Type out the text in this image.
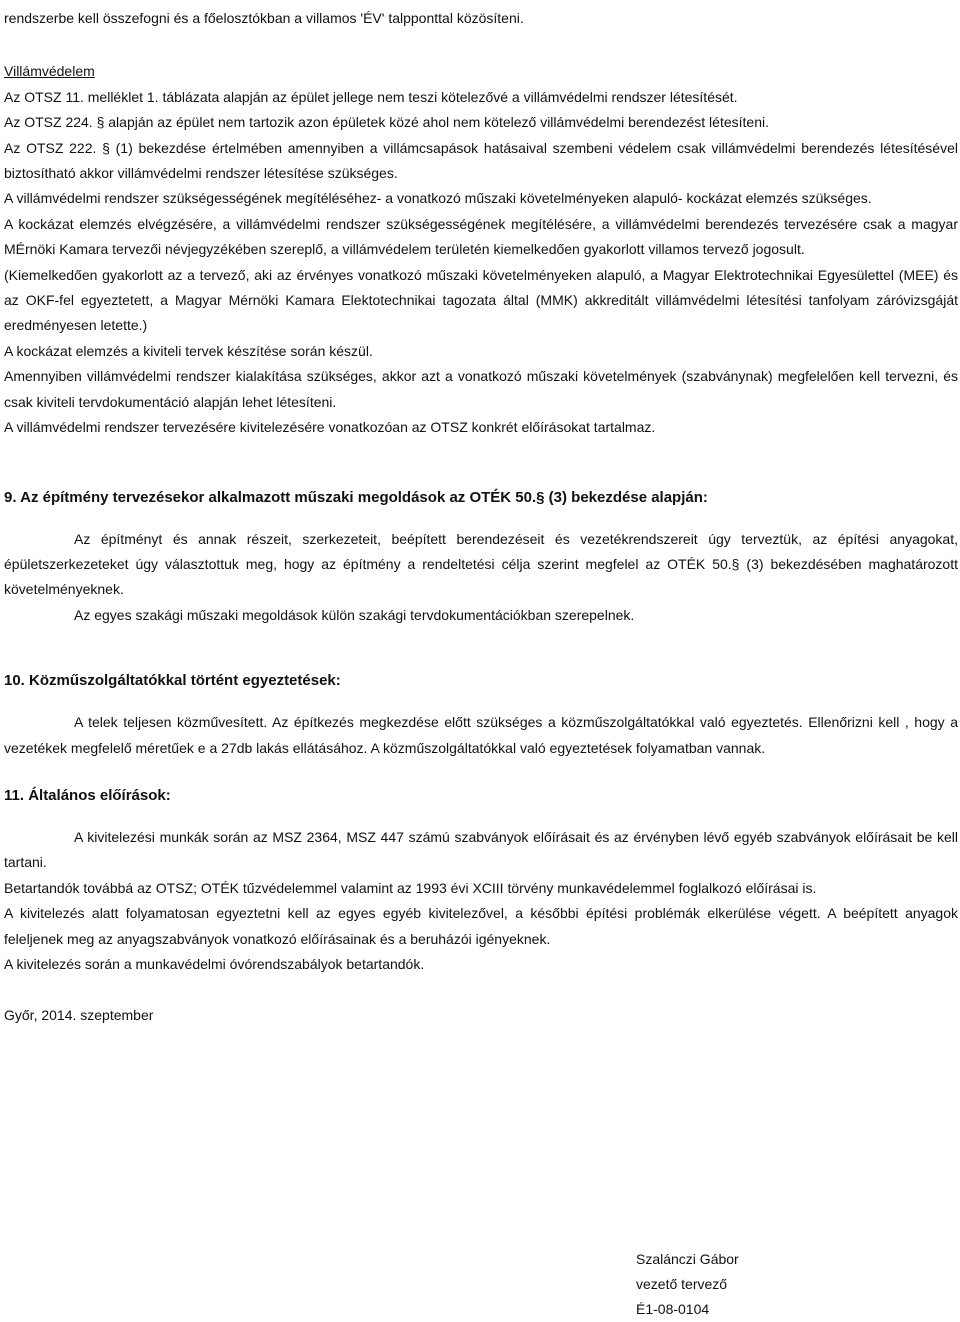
rendszerbe kell összefogni és a főelosztókban a villamos 'ÉV' talpponttal közösíteni.

Villámvédelem

Az OTSZ 11. melléklet 1. táblázata alapján az épület jellege nem teszi kötelezővé a villámvédelmi rendszer létesítését.

Az OTSZ 224. § alapján az épület nem tartozik azon épületek közé ahol nem kötelező villámvédelmi berendezést létesíteni.

Az OTSZ 222. § (1) bekezdése értelmében amennyiben a villámcsapások hatásaival szembeni védelem csak villámvédelmi berendezés létesítésével biztosítható akkor villámvédelmi rendszer létesítése szükséges.

A villámvédelmi rendszer szükségességének megítéléséhez- a vonatkozó műszaki követelményeken alapuló- kockázat elemzés szükséges.

A kockázat elemzés elvégzésére, a villámvédelmi rendszer szükségességének megítélésére, a villámvédelmi berendezés tervezésére csak a magyar MÉrnöki Kamara tervezői névjegyzékében szereplő, a villámvédelem területén kiemelkedően gyakorlott villamos tervező jogosult.

(Kiemelkedően gyakorlott az a tervező, aki az érvényes vonatkozó műszaki követelményeken alapuló, a Magyar Elektrotechnikai Egyesülettel (MEE) és az OKF-fel egyeztetett, a Magyar Mérnöki Kamara Elektotechnikai tagozata által (MMK) akkreditált villámvédelmi létesítési tanfolyam záróvizsgáját eredményesen letette.)

A kockázat elemzés a kiviteli tervek készítése során készül.

Amennyiben villámvédelmi rendszer kialakítása szükséges, akkor azt a vonatkozó műszaki követelmények (szabványnak) megfelelően kell tervezni, és csak kiviteli tervdokumentáció alapján lehet létesíteni.

A villámvédelmi rendszer tervezésére kivitelezésére vonatkozóan az OTSZ konkrét előírásokat tartalmaz.

9. Az építmény tervezésekor alkalmazott műszaki megoldások az OTÉK 50.§ (3) bekezdése alapján:

Az építményt és annak részeit, szerkezeteit, beépített berendezéseit és vezetékrendszereit úgy terveztük, az építési anyagokat, épületszerkezeteket úgy választottuk meg, hogy az építmény a rendeltetési célja szerint megfelel az OTÉK 50.§ (3) bekezdésében maghatározott követelményeknek.

Az egyes szakági műszaki megoldások külön szakági tervdokumentációkban szerepelnek.

10. Közműszolgáltatókkal történt egyeztetések:

A telek teljesen közművesített. Az építkezés megkezdése előtt szükséges a közműszolgáltatókkal való egyeztetés. Ellenőrizni kell , hogy a vezetékek megfelelő méretűek e a 27db lakás ellátásához. A közműszolgáltatókkal való egyeztetések folyamatban vannak.

11. Általános előírások:

A kivitelezési munkák során az MSZ 2364, MSZ 447 számú szabványok előírásait és az érvényben lévő egyéb szabványok előírásait be kell tartani.

Betartandók továbbá az OTSZ; OTÉK tűzvédelemmel valamint az 1993 évi XCIII törvény munkavédelemmel foglalkozó előírásai is.

A kivitelezés alatt folyamatosan egyeztetni kell az egyes egyéb kivitelezővel, a későbbi építési problémák elkerülése végett. A beépített anyagok feleljenek meg az anyagszabványok vonatkozó előírásainak és a beruházói igényeknek.

A kivitelezés során a munkavédelmi óvórendszabályok betartandók.

Győr, 2014. szeptember

Szalánczi Gábor
vezető tervező
É1-08-0104
